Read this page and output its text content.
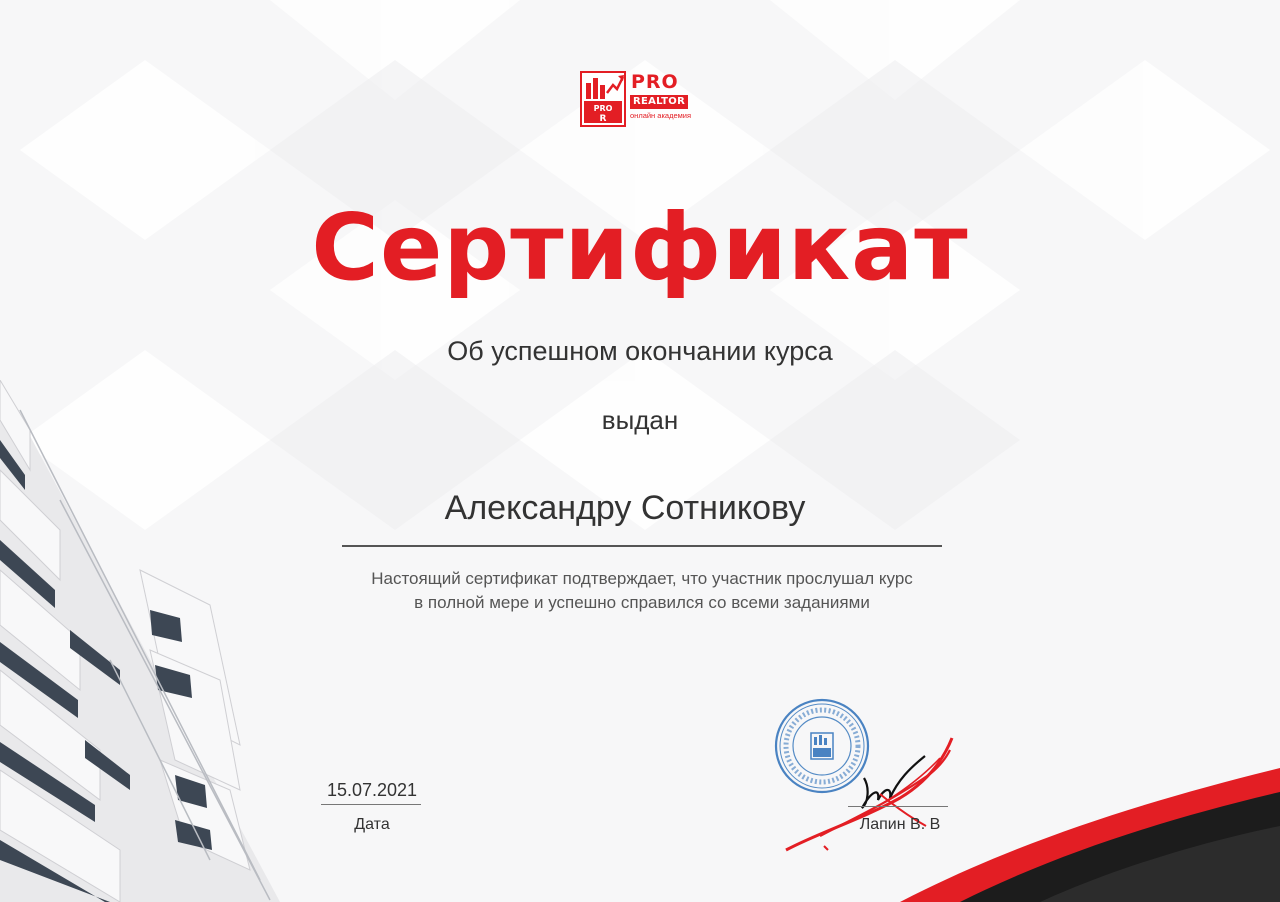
PRO
R
PRO
REALTOR
онлайн академия
Сертификат
Об успешном окончании курса
выдан
Александру Сотникову
Настоящий сертификат подтверждает, что участник прослушал курс
в полной мере и успешно справился со всеми заданиями
15.07.2021
Дата	Лапин В. В
